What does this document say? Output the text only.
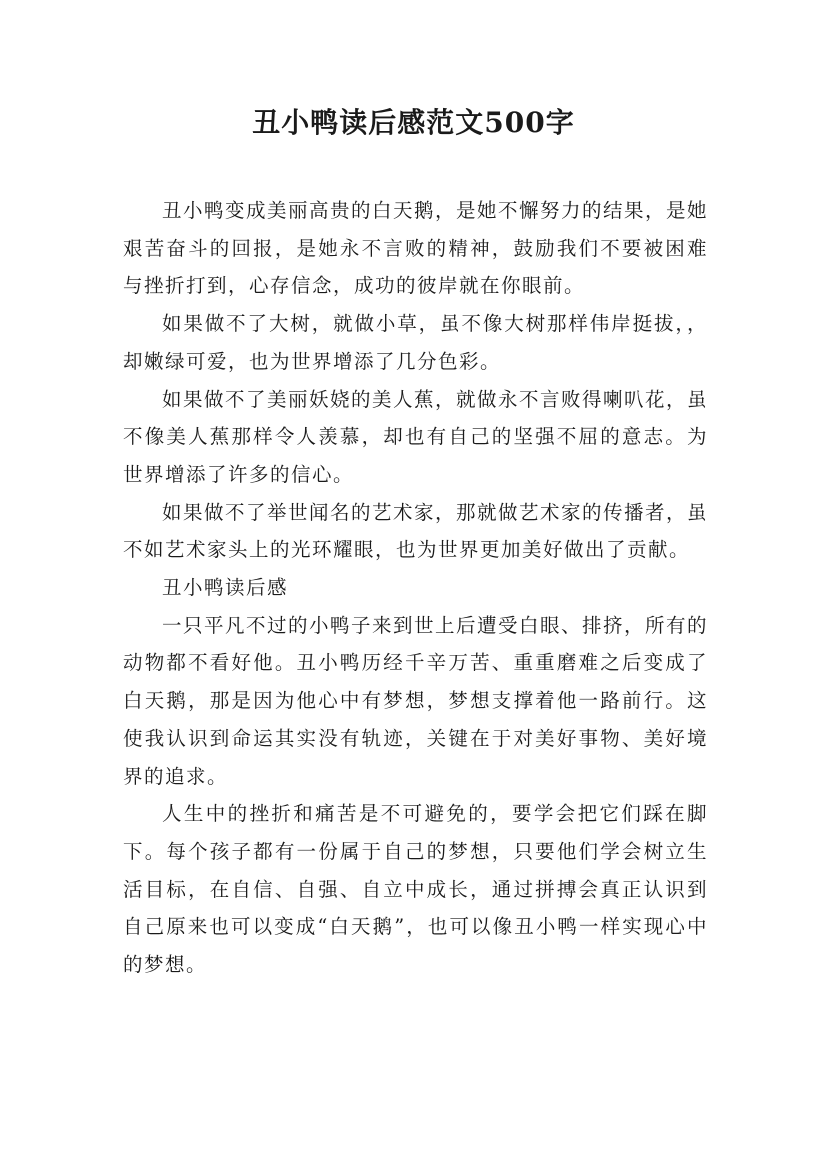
丑小鸭读后感范文500字

丑小鸭变成美丽高贵的白天鹅，是她不懈努力的结果，是她艰苦奋斗的回报，是她永不言败的精神，鼓励我们不要被困难与挫折打到，心存信念，成功的彼岸就在你眼前。

如果做不了大树，就做小草，虽不像大树那样伟岸挺拔，，却嫩绿可爱，也为世界增添了几分色彩。

如果做不了美丽妖娆的美人蕉，就做永不言败得喇叭花，虽不像美人蕉那样令人羡慕，却也有自己的坚强不屈的意志。为世界增添了许多的信心。

如果做不了举世闻名的艺术家，那就做艺术家的传播者，虽不如艺术家头上的光环耀眼，也为世界更加美好做出了贡献。

丑小鸭读后感

一只平凡不过的小鸭子来到世上后遭受白眼、排挤，所有的动物都不看好他。丑小鸭历经千辛万苦、重重磨难之后变成了白天鹅，那是因为他心中有梦想，梦想支撑着他一路前行。这使我认识到命运其实没有轨迹，关键在于对美好事物、美好境界的追求。

人生中的挫折和痛苦是不可避免的，要学会把它们踩在脚下。每个孩子都有一份属于自己的梦想，只要他们学会树立生活目标，在自信、自强、自立中成长，通过拼搏会真正认识到自己原来也可以变成“白天鹅”，也可以像丑小鸭一样实现心中的梦想。
